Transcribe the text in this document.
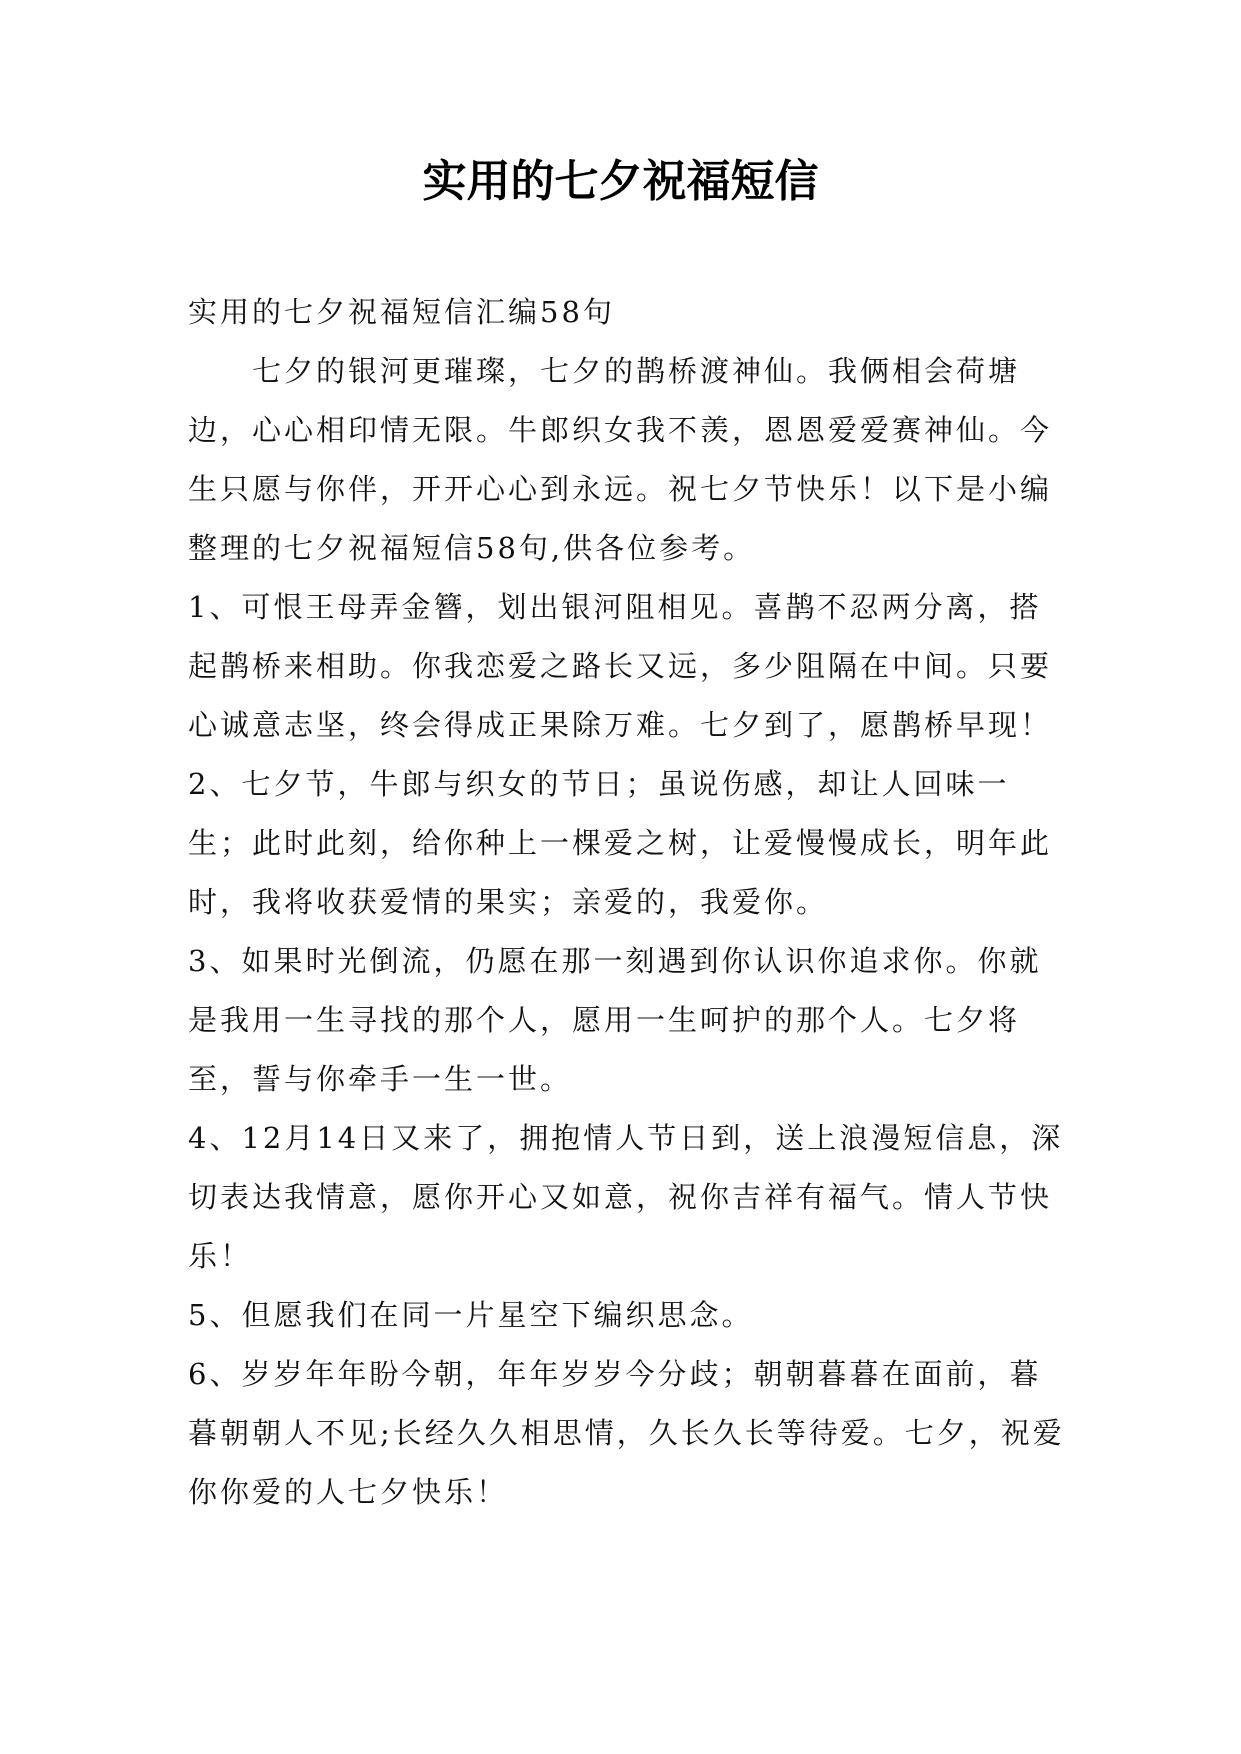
实用的七夕祝福短信

实用的七夕祝福短信汇编58句

七夕的银河更璀璨，七夕的鹊桥渡神仙。我俩相会荷塘边，心心相印情无限。牛郎织女我不羡，恩恩爱爱赛神仙。今生只愿与你伴，开开心心到永远。祝七夕节快乐！以下是小编整理的七夕祝福短信58句,供各位参考。

1、可恨王母弄金簪，划出银河阻相见。喜鹊不忍两分离，搭起鹊桥来相助。你我恋爱之路长又远，多少阻隔在中间。只要心诚意志坚，终会得成正果除万难。七夕到了，愿鹊桥早现！

2、七夕节，牛郎与织女的节日；虽说伤感，却让人回味一生；此时此刻，给你种上一棵爱之树，让爱慢慢成长，明年此时，我将收获爱情的果实；亲爱的，我爱你。

3、如果时光倒流，仍愿在那一刻遇到你认识你追求你。你就是我用一生寻找的那个人，愿用一生呵护的那个人。七夕将至，誓与你牵手一生一世。

4、12月14日又来了，拥抱情人节日到，送上浪漫短信息，深切表达我情意，愿你开心又如意，祝你吉祥有福气。情人节快乐！

5、但愿我们在同一片星空下编织思念。

6、岁岁年年盼今朝，年年岁岁今分歧；朝朝暮暮在面前，暮暮朝朝人不见;长经久久相思情，久长久长等待爱。七夕，祝爱你你爱的人七夕快乐！
